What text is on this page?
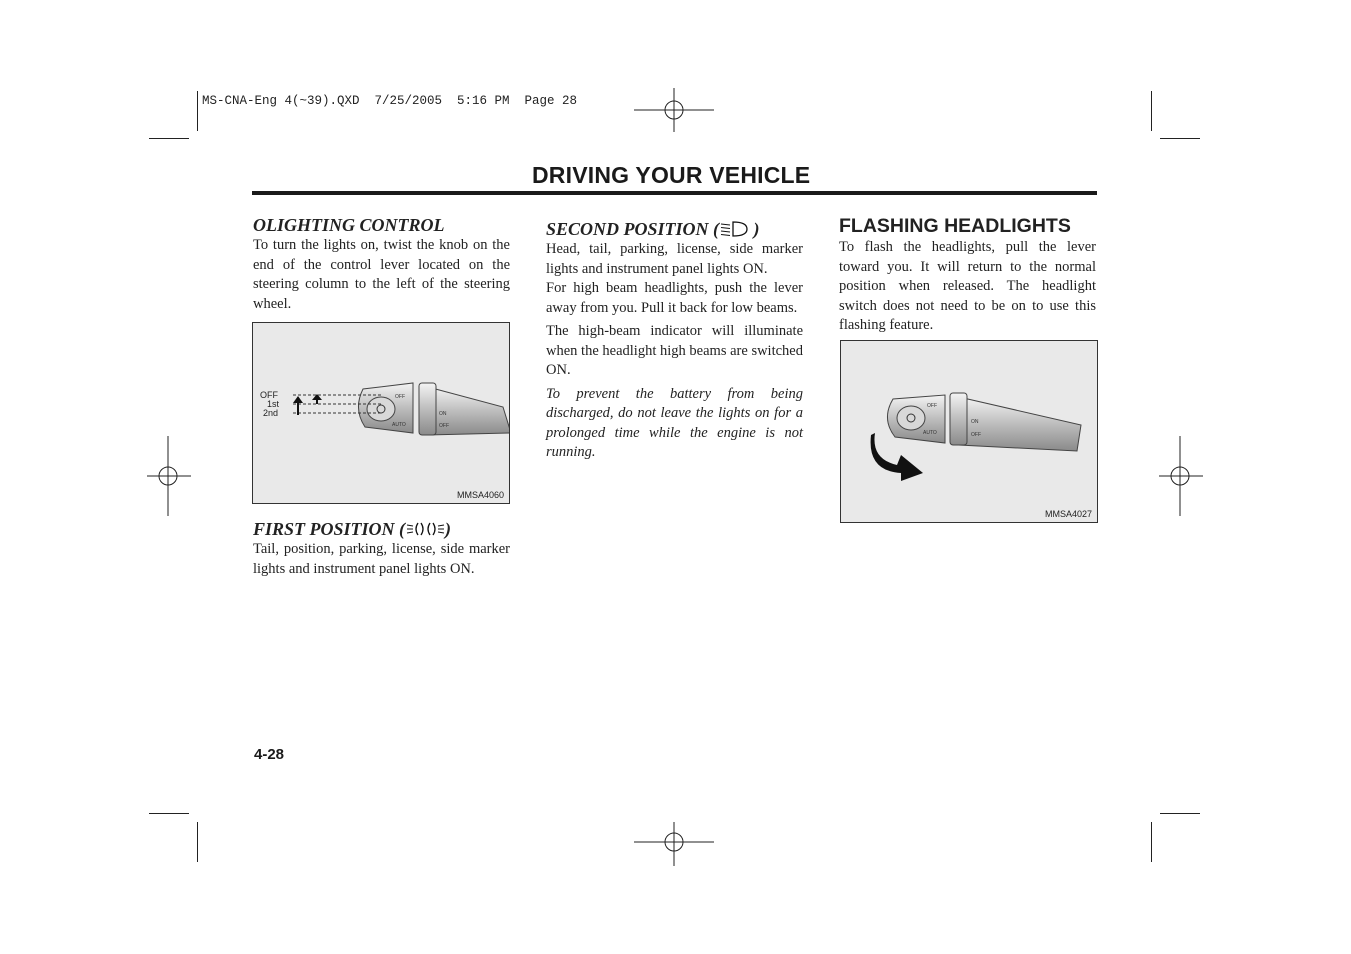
MS-CNA-Eng 4(~39).QXD  7/25/2005  5:16 PM  Page 28
DRIVING YOUR VEHICLE
OLIGHTING CONTROL

To turn the lights on, twist the knob on the end of the control lever located on the steering column to the left of the steering wheel.

OFF
1st
2nd
OFF
AUTO
ON
OFF
MMSA4060
FIRST POSITION ( )

Tail, position, parking, license, side marker lights and instrument panel lights ON.

SECOND POSITION ( )

Head, tail, parking, license, side marker lights and instrument panel lights ON.

For high beam headlights, push the lever away from you. Pull it back for low beams.

The high-beam indicator will illuminate when the headlight high beams are switched ON.

To prevent the battery from being discharged, do not leave the lights on for a prolonged time while the engine is not running.

FLASHING HEADLIGHTS

To flash the headlights, pull the lever toward you. It will return to the normal position when released. The headlight switch does not need to be on to use this flashing feature.

OFF
AUTO
ON
OFF
MMSA4027
4-28
